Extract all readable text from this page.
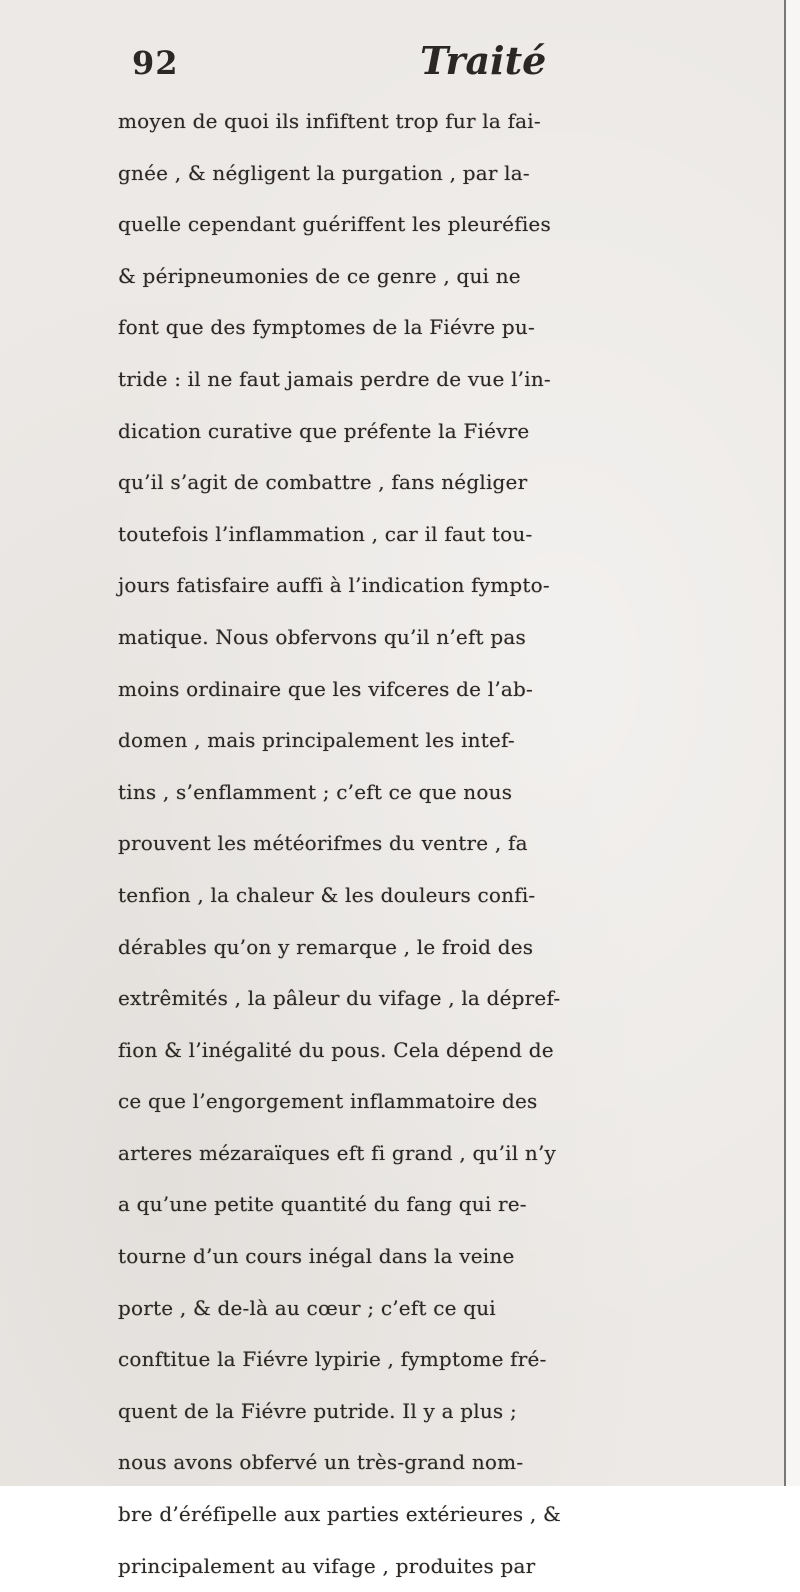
92	Traité
moyen de quoi ils infiftent trop fur la fai-
gnée , & négligent la purgation , par la-
quelle cependant guériffent les pleuréfies
& péripneumonies de ce genre , qui ne
font que des fymptomes de la Fiévre pu-
tride : il ne faut jamais perdre de vue l’in-
dication curative que préfente la Fiévre
qu’il s’agit de combattre , fans négliger
toutefois l’inflammation , car il faut tou-
jours fatisfaire auffi à l’indication fympto-
matique. Nous obfervons qu’il n’eft pas
moins ordinaire que les vifceres de l’ab-
domen , mais principalement les intef-
tins , s’enflamment ; c’eft ce que nous
prouvent les météorifmes du ventre , fa
tenfion , la chaleur & les douleurs confi-
dérables qu’on y remarque , le froid des
extrêmités , la pâleur du vifage , la dépref-
fion & l’inégalité du pous. Cela dépend de
ce que l’engorgement inflammatoire des
arteres mézaraïques eft fi grand , qu’il n’y
a qu’une petite quantité du fang qui re-
tourne d’un cours inégal dans la veine
porte , & de-là au cœur ; c’eft ce qui
conftitue la Fiévre lypirie , fymptome fré-
quent de la Fiévre putride. Il y a plus ;
nous avons obfervé un très-grand nom-
bre d’éréfipelle aux parties extérieures , &
principalement au vifage , produites par
